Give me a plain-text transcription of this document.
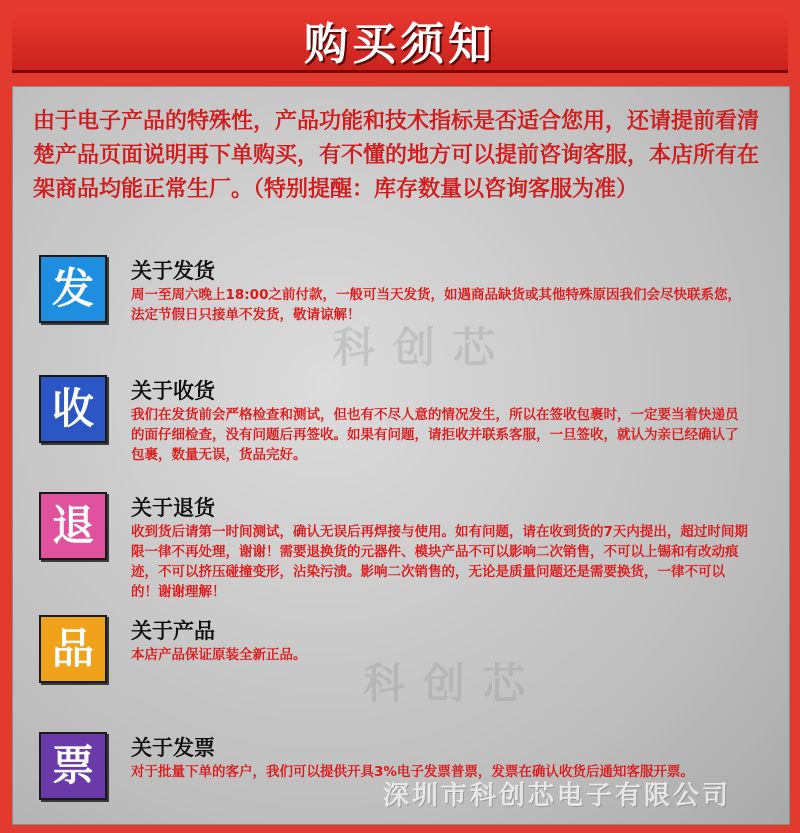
购买须知
科创芯
科创芯
由于电子产品的特殊性，产品功能和技术指标是否适合您用，还请提前看清楚产品页面说明再下单购买，有不懂的地方可以提前咨询客服，本店所有在架商品均能正常生厂。（特别提醒：库存数量以咨询客服为准）
发 关于发货
周一至周六晚上18:00之前付款，一般可当天发货，如遇商品缺货或其他特殊原因我们会尽快联系您，法定节假日只接单不发货，敬请谅解！
收 关于收货
我们在发货前会严格检查和测试，但也有不尽人意的情况发生，所以在签收包裹时，一定要当着快递员的面仔细检查，没有问题后再签收。如果有问题，请拒收并联系客服，一旦签收，就认为亲已经确认了包裹，数量无误，货品完好。
退 关于退货
收到货后请第一时间测试，确认无误后再焊接与使用。如有问题，请在收到货的7天内提出，超过时间期限一律不再处理，谢谢！需要退换货的元器件、模块产品不可以影响二次销售，不可以上锡和有改动痕迹，不可以挤压碰撞变形，沾染污渍。影响二次销售的，无论是质量问题还是需要换货，一律不可以的！谢谢理解！
品 关于产品
本店产品保证原装全新正品。
票 关于发票
对于批量下单的客户，我们可以提供开具3%电子发票普票，发票在确认收货后通知客服开票。
深圳市科创芯电子有限公司
